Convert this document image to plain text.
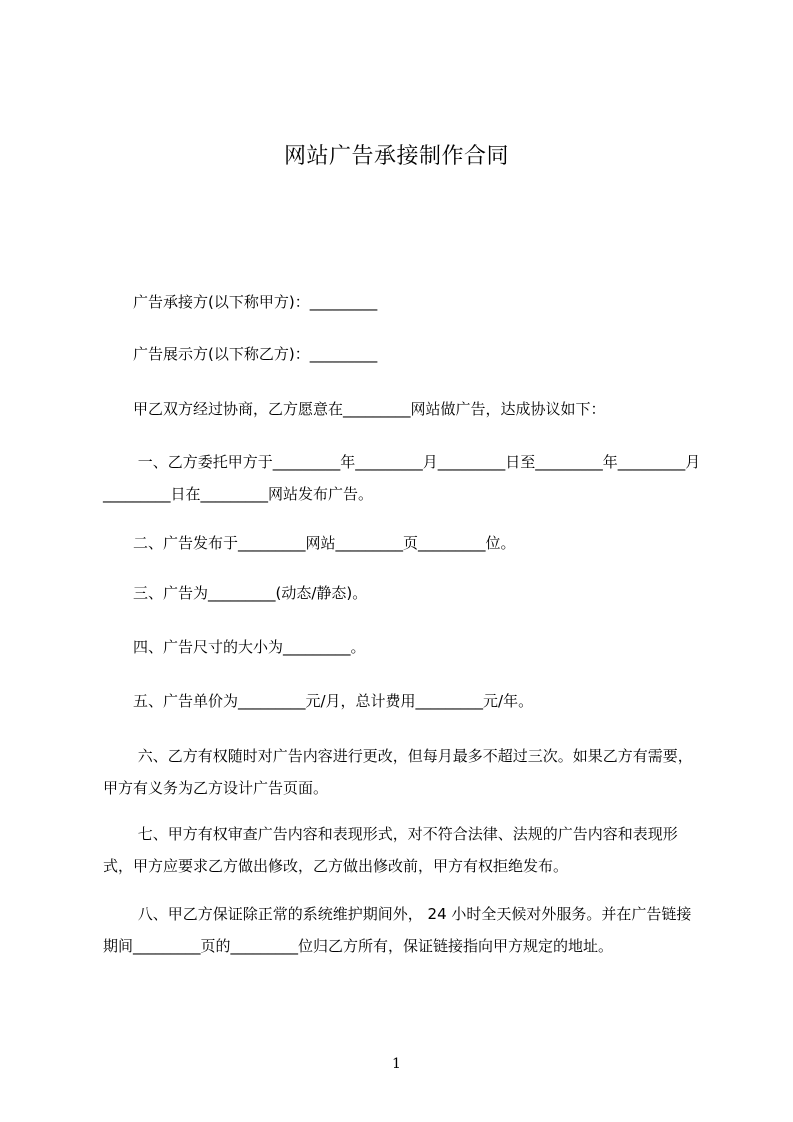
网站广告承接制作合同
　　广告承接方(以下称甲方)：_________
　　广告展示方(以下称乙方)：_________
　　甲乙双方经过协商，乙方愿意在_________网站做广告，达成协议如下：
　　 一、乙方委托甲方于_________年_________月_________日至_________年_________月_________日在_________网站发布广告。
　　二、广告发布于_________网站_________页_________位。
　　三、广告为_________(动态/静态)。
　　四、广告尺寸的大小为_________。
　　五、广告单价为_________元/月，总计费用_________元/年。
　　 六、乙方有权随时对广告内容进行更改，但每月最多不超过三次。如果乙方有需要，甲方有义务为乙方设计广告页面。
　　 七、甲方有权审查广告内容和表现形式，对不符合法律、法规的广告内容和表现形式，甲方应要求乙方做出修改，乙方做出修改前，甲方有权拒绝发布。
　　 八、甲乙方保证除正常的系统维护期间外， 24 小时全天候对外服务。并在广告链接期间_________页的_________位归乙方所有，保证链接指向甲方规定的地址。
1
